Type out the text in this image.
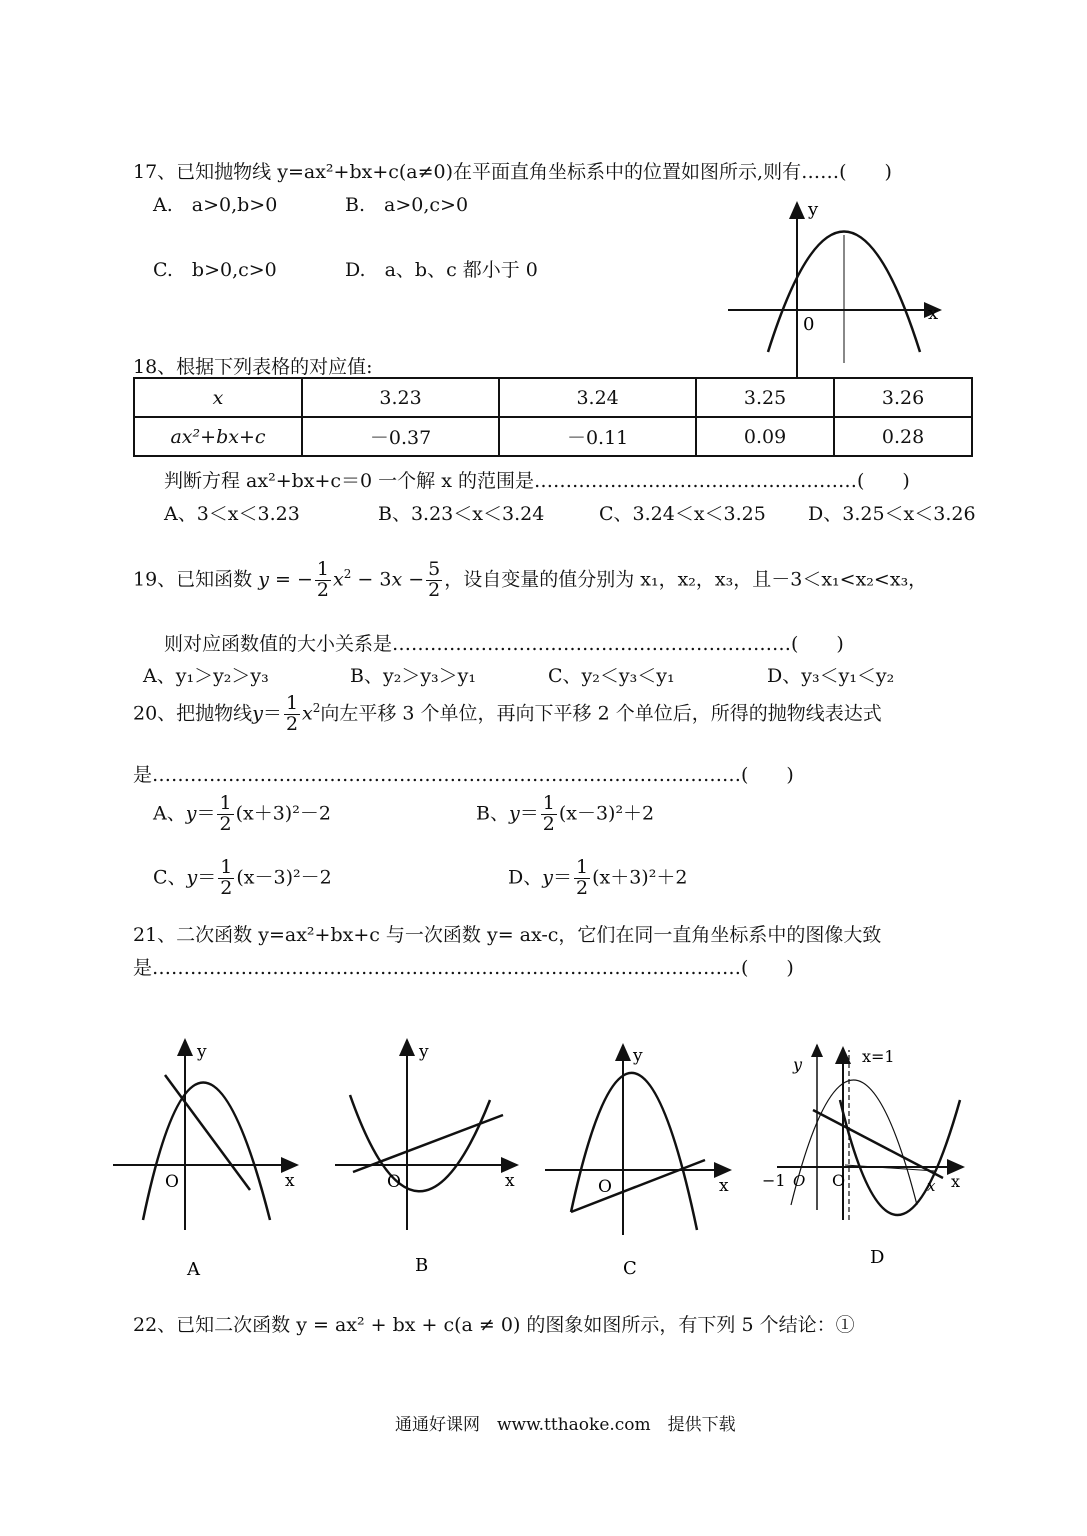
17、已知抛物线 y=ax²+bx+c(a≠0)在平面直角坐标系中的位置如图所示,则有……(　　)
A.　a>0,b>0	B.　a>0,c>0
C.　b>0,c>0	D.　a、b、c 都小于 0
y
x
0
18、根据下列表格的对应值:
x	3.23	3.24	3.25	3.26
ax²+bx+c	－0.37	－0.11	0.09	0.28
判断方程 ax²+bx+c＝0 一个解 x 的范围是……………………………………………(　　)
A、3＜x＜3.23	B、3.23＜x＜3.24	C、3.24＜x＜3.25 D、3.25＜x＜3.26
19、已知函数 y = − $\frac{1}{2} x^2 - 3x - \frac{5}{2}$ ，设自变量的值分别为 x₁，x₂，x₃，且－3＜x₁<x₂<x₃，
则对应函数值的大小关系是………………………………………………………(　　)
A、y₁＞y₂＞y₃	B、y₂＞y₃＞y₁	C、y₂＜y₃＜y₁	D、y₃＜y₁＜y₂
20、把抛物线$y= \frac{1}{2} x^2$向左平移 3 个单位，再向下平移 2 个单位后，所得的抛物线表达式
是…………………………………………………………………………………(　　)
A、$y= \frac{1}{2} (x+3)^2-2$	B、$y= \frac{1}{2} (x-3)^2+2$
C、$y= \frac{1}{2} (x-3)^2-2$	D、$y= \frac{1}{2} (x+3)^2+2$
21、二次函数 y=ax²+bx+c 与一次函数 y= ax-c，它们在同一直角坐标系中的图像大致
是…………………………………………………………………………………(　　)
y
x
O
A
y
x
O
B
y
x
O
C
y	x=1
−1 O O	x x
D
22、已知二次函数 y = ax² + bx + c(a ≠ 0) 的图象如图所示，有下列 5 个结论：①
通通好课网　www.tthaoke.com　提供下载
